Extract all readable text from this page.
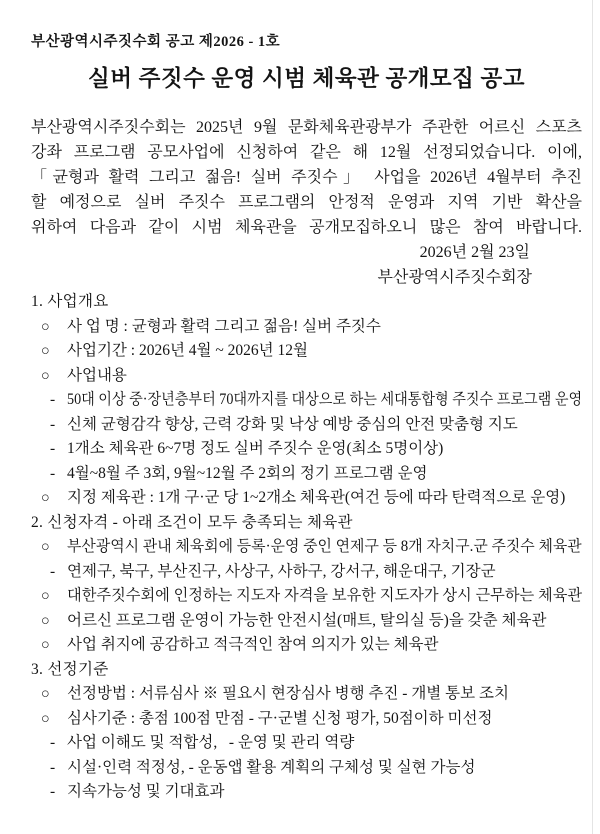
부산광역시주짓수회 공고 제2026 - 1호
실버 주짓수 운영 시범 체육관 공개모집 공고
부산광역시주짓수회는 2025년 9월 문화체육관광부가 주관한 어르신 스포츠
강좌 프로그램 공모사업에 신청하여 같은 해 12월 선정되었습니다. 이에,
「균형과 활력 그리고 젊음! 실버 주짓수」 사업을 2026년 4월부터 추진
할 예정으로 실버 주짓수 프로그램의 안정적 운영과 지역 기반 확산을
위하여 다음과 같이 시범 체육관을 공개모집하오니 많은 참여 바랍니다.
2026년 2월 23일
부산광역시주짓수회장
1. 사업개요
○	사 업 명 : 균형과 활력 그리고 젊음! 실버 주짓수
○	사업기간 : 2026년 4월 ~ 2026년 12월
○	사업내용
- 50대 이상 중·장년층부터 70대까지를 대상으로 하는 세대통합형 주짓수 프로그램 운영
- 신체 균형감각 향상, 근력 강화 및 낙상 예방 중심의 안전 맞춤형 지도
- 1개소 체육관 6~7명 정도 실버 주짓수 운영(최소 5명이상)
- 4월~8월 주 3회, 9월~12월 주 2회의 정기 프로그램 운영
○	지정 제육관 : 1개 구·군 당 1~2개소 체육관(여건 등에 따라 탄력적으로 운영)
2. 신청자격 - 아래 조건이 모두 충족되는 체육관
○	부산광역시 관내 체육회에 등록·운영 중인 연제구 등 8개 자치구.군 주짓수 체육관
- 연제구, 북구, 부산진구, 사상구, 사하구, 강서구, 해운대구, 기장군
○	대한주짓수회에 인정하는 지도자 자격을 보유한 지도자가 상시 근무하는 체육관
○	어르신 프로그램 운영이 가능한 안전시설(매트, 탈의실 등)을 갖춘 체육관
○	사업 취지에 공감하고 적극적인 참여 의지가 있는 체육관
3. 선정기준
○	선정방법 : 서류심사 ※ 필요시 현장심사 병행 추진 - 개별 통보 조치
○	심사기준 : 총점 100점 만점 - 구·군별 신청 평가, 50점이하 미선정
- 사업 이해도 및 적합성,   - 운영 및 관리 역량
- 시설·인력 적정성, - 운동앱 활용 계획의 구체성 및 실현 가능성
- 지속가능성 및 기대효과
